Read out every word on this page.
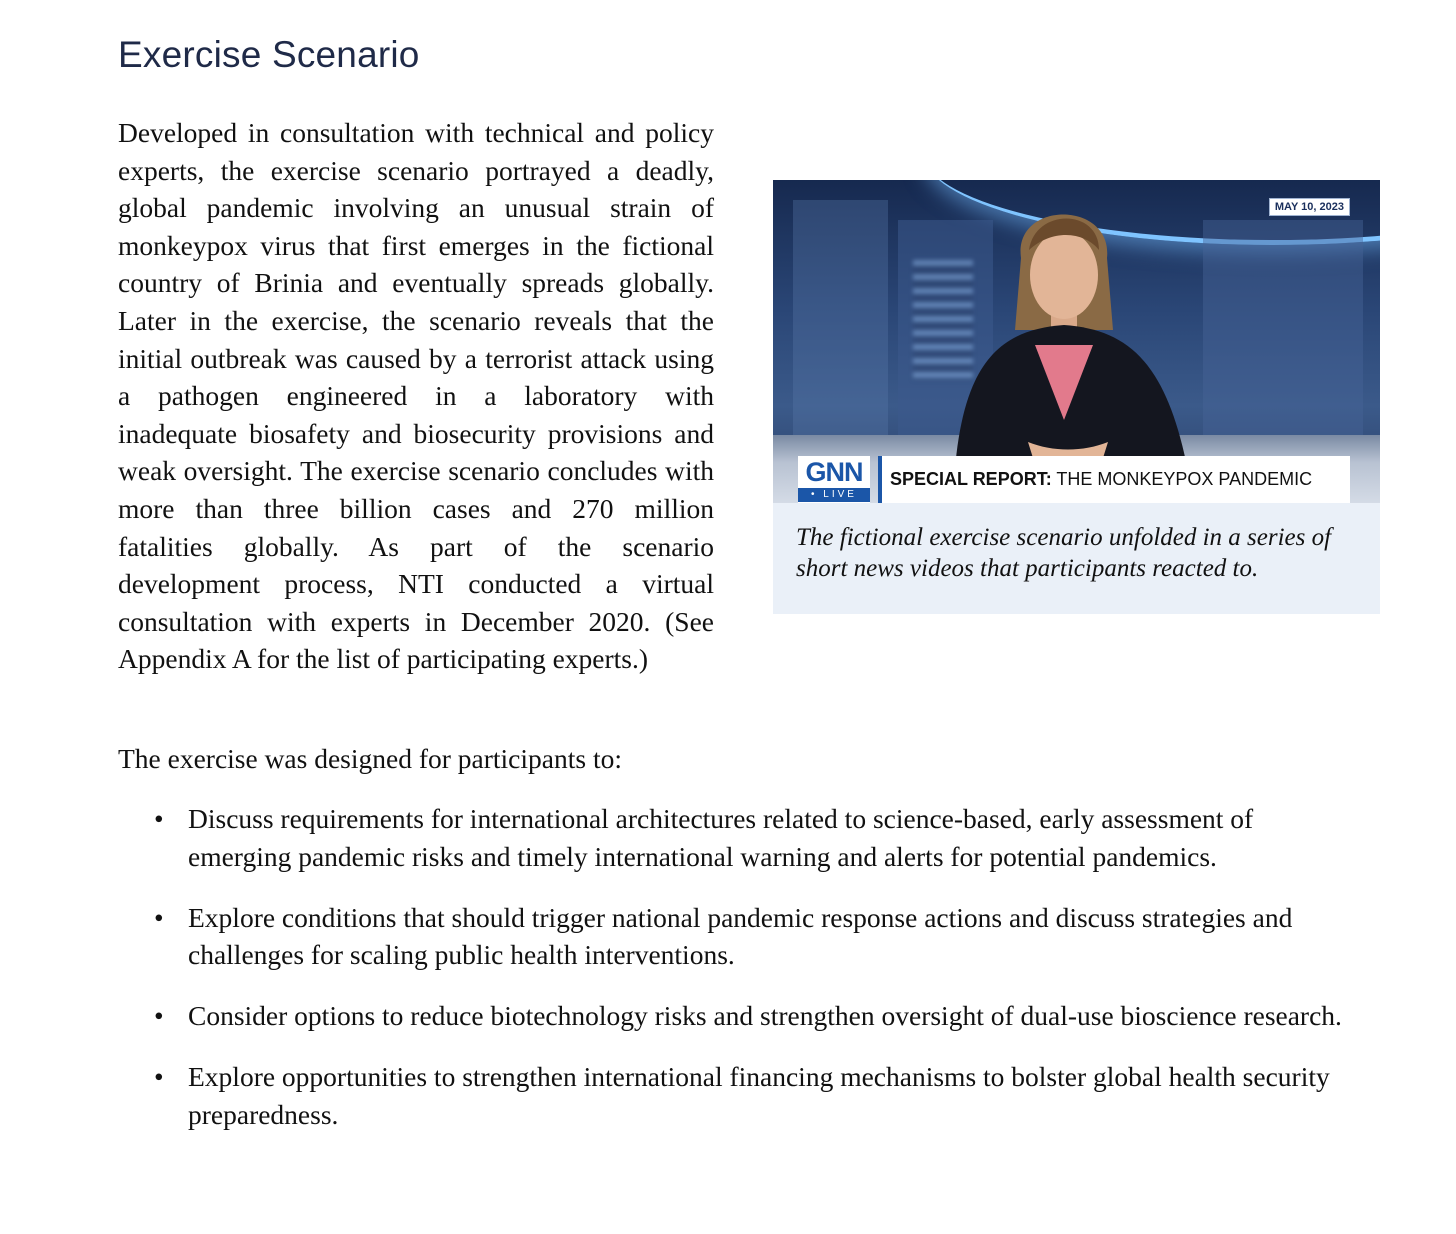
Exercise Scenario

Developed in consultation with technical and policy experts, the exercise scenario portrayed a deadly, global pandemic involving an unusual strain of monkeypox virus that first emerges in the fictional country of Brinia and eventually spreads globally. Later in the exercise, the scenario reveals that the initial outbreak was caused by a terrorist attack using a pathogen engineered in a laboratory with inadequate biosafety and biosecurity provisions and weak oversight. The exercise scenario concludes with more than three billion cases and 270 million fatalities globally. As part of the scenario development process, NTI conducted a virtual consultation with experts in December 2020. (See Appendix A for the list of participating experts.)

MAY 10, 2023
GNN
• LIVE
SPECIAL REPORT: THE MONKEYPOX PANDEMIC
The fictional exercise scenario unfolded in a series of short news videos that participants reacted to.

The exercise was designed for participants to:

• Discuss requirements for international architectures related to science-based, early assessment of emerging pandemic risks and timely international warning and alerts for potential pandemics.
• Explore conditions that should trigger national pandemic response actions and discuss strategies and challenges for scaling public health interventions.
• Consider options to reduce biotechnology risks and strengthen oversight of dual-use bioscience research.
• Explore opportunities to strengthen international financing mechanisms to bolster global health security preparedness.
